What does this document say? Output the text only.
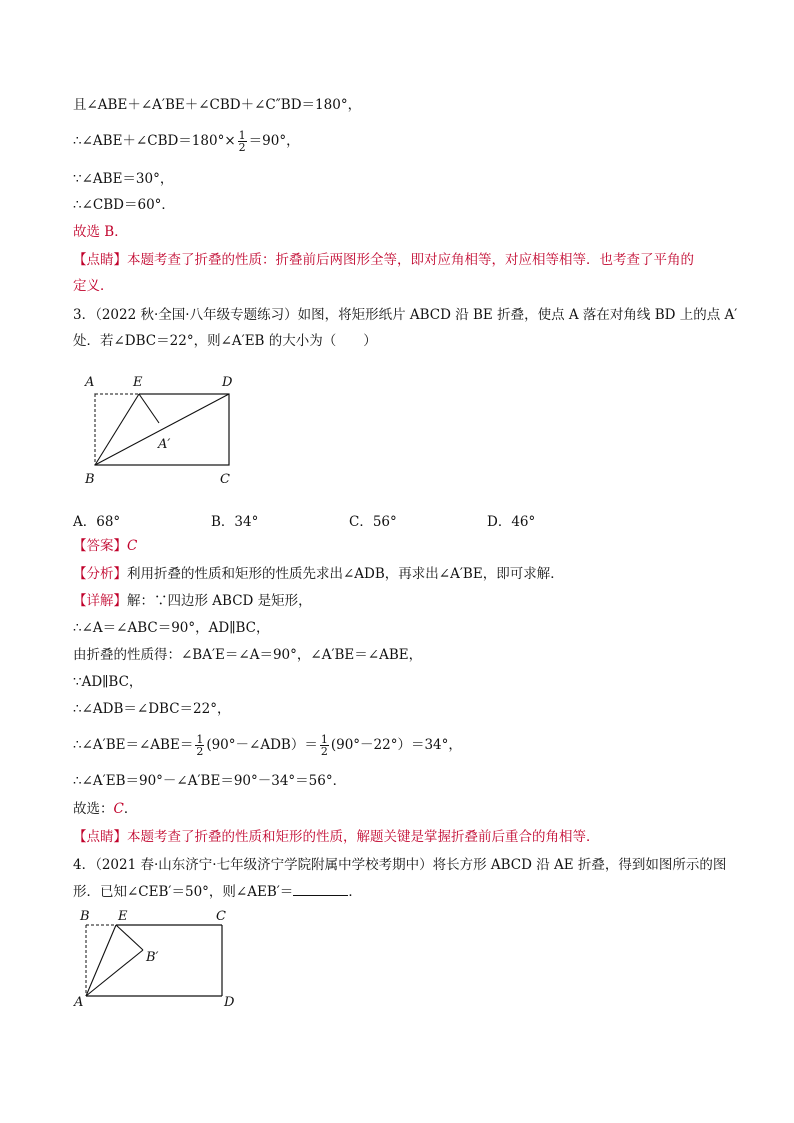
且∠ABE＋∠A′BE＋∠CBD＋∠C″BD＝180°，
∴∠ABE＋∠CBD＝180°× $\frac{1}{2} =90^\circ$，
∵∠ABE＝30°，
∴∠CBD＝60°．
故选 B．
【点睛】本题考查了折叠的性质：折叠前后两图形全等，即对应角相等，对应相等相等．也考查了平角的
定义．
3．（2022 秋·全国·八年级专题练习）如图，将矩形纸片 ABCD 沿 BE 折叠，使点 A 落在对角线 BD 上的点 A′
处．若∠DBC＝22°，则∠A′EB 的大小为（　　）
A	E	D
A′
B	C
A．68°	B．34°	C．56°	D．46°
【答案】C
【分析】利用折叠的性质和矩形的性质先求出∠ADB，再求出∠A′BE，即可求解．
【详解】解：∵四边形 ABCD 是矩形，
∴∠A＝∠ABC＝90°，AD∥BC，
由折叠的性质得：∠BA′E＝∠A＝90°，∠A′BE＝∠ABE，
∵AD∥BC，
∴∠ADB＝∠DBC＝22°，
∴∠A′BE＝∠ABE＝ $\frac{1}{2}$ (90°－∠ADB）＝ $\frac{1}{2} (90^\circ-22^\circ)=34^\circ$，
∴∠A′EB＝90°－∠A′BE＝90°－34°＝56°．
故选：C．
【点睛】本题考查了折叠的性质和矩形的性质，解题关键是掌握折叠前后重合的角相等．
4．（2021 春·山东济宁·七年级济宁学院附属中学校考期中）将长方形 ABCD 沿 AE 折叠，得到如图所示的图
形．已知∠CEB′＝50°，则∠AEB′＝	．
B E	C
B′
A	D
